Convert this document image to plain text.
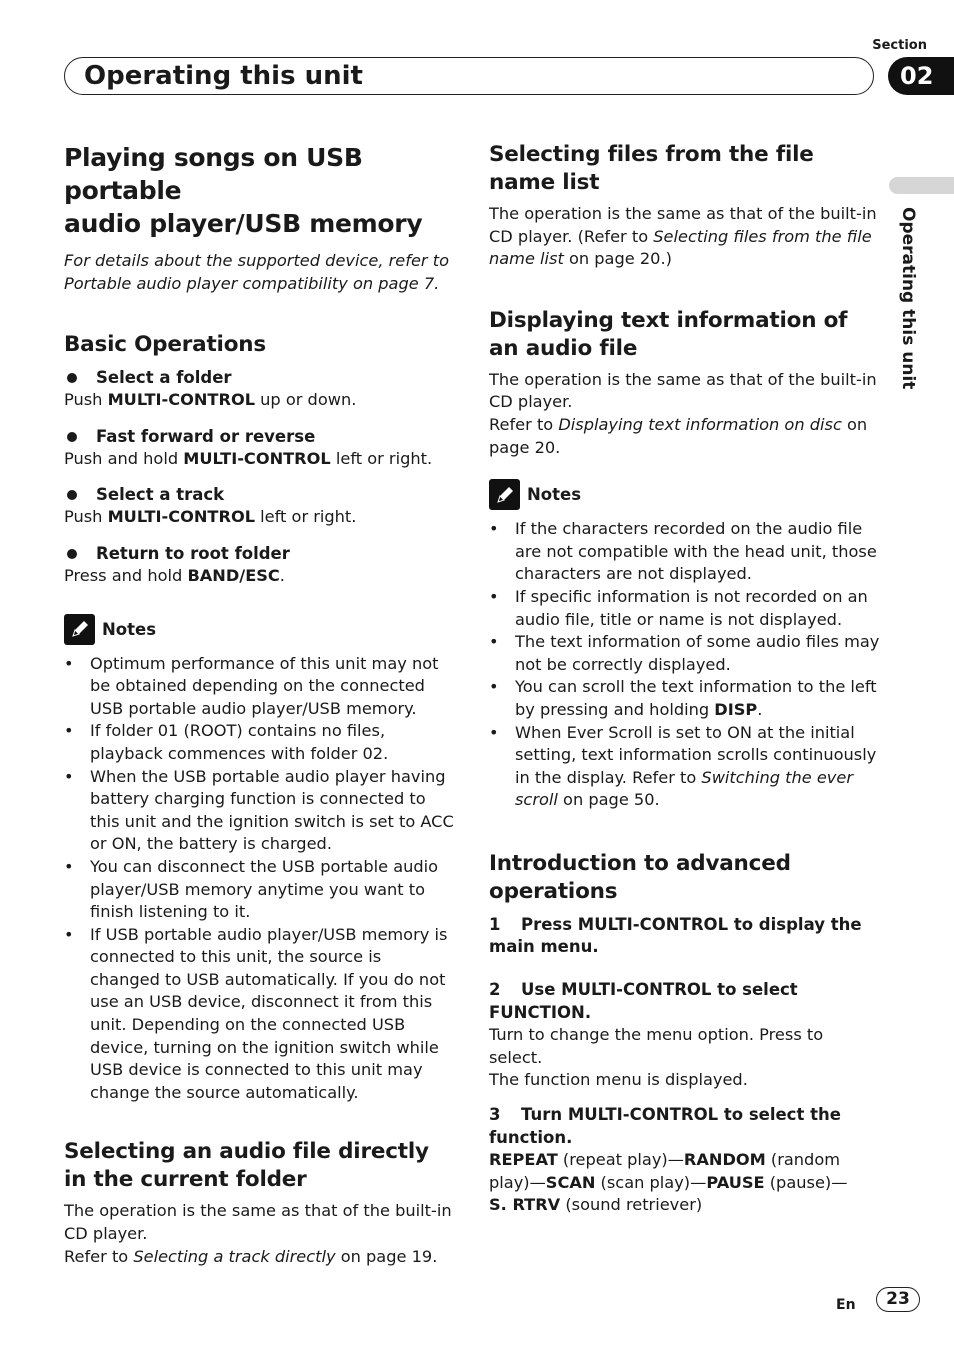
Section
Operating this unit	02
Operating this unit
Playing songs on USB portable
audio player/USB memory

For details about the supported device, refer to
Portable audio player compatibility on page 7.

Basic Operations
Select a folder

Push MULTI-CONTROL up or down.

Fast forward or reverse

Push and hold MULTI-CONTROL left or right.

Select a track

Push MULTI-CONTROL left or right.

Return to root folder

Press and hold BAND/ESC.

Notes
• Optimum performance of this unit may not be obtained depending on the connected USB portable audio player/USB memory.
• If folder 01 (ROOT) contains no files, playback commences with folder 02.
• When the USB portable audio player having battery charging function is connected to this unit and the ignition switch is set to ACC or ON, the battery is charged.
• You can disconnect the USB portable audio player/USB memory anytime you want to finish listening to it.
• If USB portable audio player/USB memory is connected to this unit, the source is changed to USB automatically. If you do not use an USB device, disconnect it from this unit. Depending on the connected USB device, turning on the ignition switch while USB device is connected to this unit may change the source automatically.
Selecting an audio file directly in the current folder

The operation is the same as that of the built-in CD player.

Refer to Selecting a track directly on page 19.

Selecting files from the file name list

The operation is the same as that of the built-in CD player. (Refer to Selecting files from the file name list on page 20.)

Displaying text information of an audio file

The operation is the same as that of the built-in CD player.

Refer to Displaying text information on disc on page 20.

Notes
• If the characters recorded on the audio file are not compatible with the head unit, those characters are not displayed.
• If specific information is not recorded on an audio file, title or name is not displayed.
• The text information of some audio files may not be correctly displayed.
• You can scroll the text information to the left by pressing and holding DISP.
• When Ever Scroll is set to ON at the initial setting, text information scrolls continuously in the display. Refer to Switching the ever scroll on page 50.
Introduction to advanced operations
1 Press MULTI-CONTROL to display the main menu.
2 Use MULTI-CONTROL to select FUNCTION.

Turn to change the menu option. Press to select.

The function menu is displayed.

3 Turn MULTI-CONTROL to select the function.

REPEAT (repeat play)—RANDOM (random play)—SCAN (scan play)—PAUSE (pause)—
S. RTRV (sound retriever)

En	23
